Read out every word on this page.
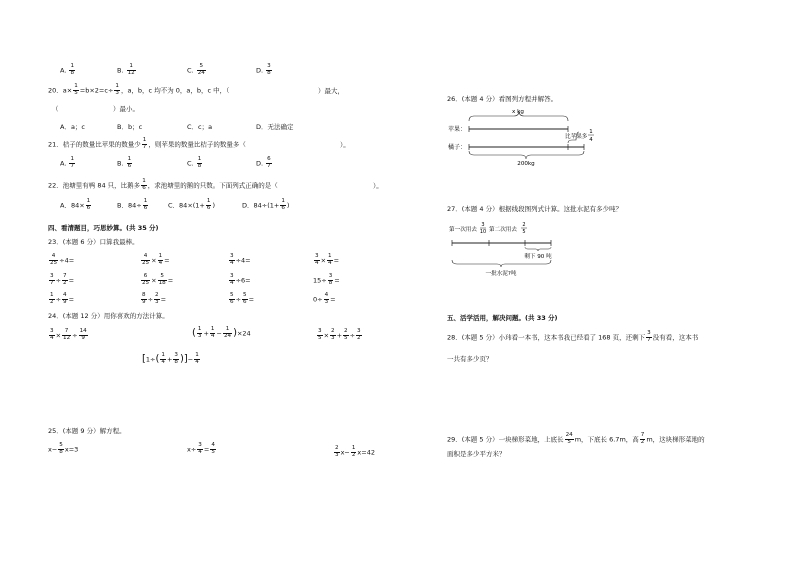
A. $\frac{1}{8}$	B. $\frac{1}{12}$	C. $\frac{5}{24}$	D. $\frac{3}{8}$
20．$a\times \frac{1}{5} =b\times 2=c\div \frac{1}{3}$ ，a，b，c 均不为 0，a，b，c 中，（	）最大，
（	）最小。
A．a；c	B．b；c	C．c；a	D．无法确定
21．桔子的数量比苹果的数量少 $\frac{1}{7}$ ，则苹果的数量比桔子的数量多（	）。
A. $\frac{1}{7}$	B. $\frac{1}{6}$	C. $\frac{1}{8}$	D. $\frac{6}{7}$
22．池塘里有鸭 84 只，比鹅多 $\frac{1}{6}$ ，求池塘里的鹅的只数。下面列式正确的是（	）。
A．$84\times \frac{1}{6}$	B．$84\div \frac{1}{6}$	C．$84\times(1+ \frac{1}{6}$ )	D．$84\div(1+ \frac{1}{6}$ )
四、看清题目，巧思妙算。(共 35 分)
23．(本题 6 分）口算我最棒。
$\frac{4}{25} \div 4=$	$\frac{4}{25} \times \frac{1}{4}$ =	$\frac{3}{4} \div 4=$	$\frac{3}{4} \times \frac{1}{4}$ =
$\frac{3}{7} \div \frac{7}{2}$ =	$\frac{6}{25} \times \frac{5}{18}$ =	$\frac{3}{4} \div 6=$	$15\div \frac{3}{8}$ =
$\frac{1}{2} \div \frac{4}{9}$ =	$\frac{8}{9} \div \frac{2}{3}$ =	$\frac{5}{6} \div \frac{5}{6}$ =	$0\div \frac{4}{3}$ =
24．(本题 12 分）用你喜欢的方法计算。
$\frac{3}{4} \times \frac{7}{12} \div \frac{14}{9}$	( $\frac{1}{3} + \frac{1}{4} - \frac{1}{24} )\times 24$	$\frac{3}{5} \times \frac{2}{3} + \frac{2}{5} \div \frac{3}{2}$
[$1\div( \frac{1}{4} + \frac{3}{8}$ )]− $\frac{1}{4}$
25．(本题 9 分）解方程。
$x- \frac{5}{8} x=3$	$x\div \frac{3}{4} = \frac{4}{5}$	$\frac{2}{3} x- \frac{1}{2} x=42$
26．(本题 4 分）看图列方程并解答。
x kg
苹果：
橘子：
比苹果多
1
4
200kg
27．(本题 4 分）根据线段图列式计算。这批水泥有多少吨？
第一次用去
3
10 第二次用去
2
5
剩下 90 吨
一批水泥?吨
五、活学活用，解决问题。(共 33 分)
28．(本题 5 分）小玮看一本书，这本书我已经看了 168 页，还剩下 $\frac{3}{7}$ 没有看，这本书
一共有多少页？
29．(本题 5 分）一块梯形菜地，上底长 $\frac{24}{5}$ m，下底长 6.7m，高 $\frac{7}{2}$ m，这块梯形菜地的
面积是多少平方米？
